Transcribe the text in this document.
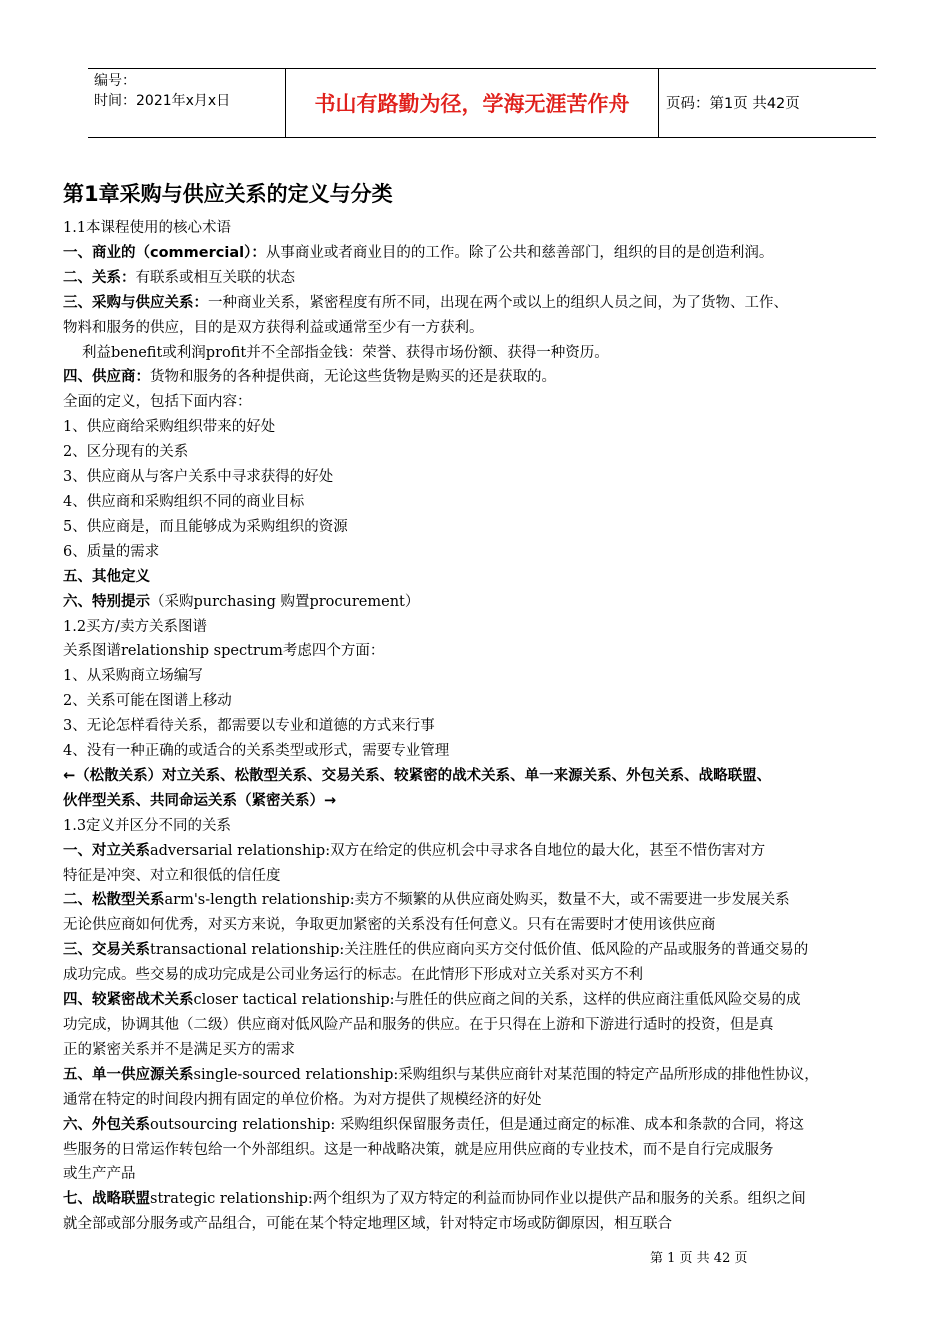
编号：
时间：2021年x月x日	书山有路勤为径，学海无涯苦作舟	页码：第1页 共42页
第1章采购与供应关系的定义与分类
1.1本课程使用的核心术语
一、商业的（commercial）：从事商业或者商业目的的工作。除了公共和慈善部门，组织的目的是创造利润。
二、关系：有联系或相互关联的状态
三、采购与供应关系：一种商业关系，紧密程度有所不同，出现在两个或以上的组织人员之间，为了货物、工作、
物料和服务的供应，目的是双方获得利益或通常至少有一方获利。
利益benefit或利润profit并不全部指金钱：荣誉、获得市场份额、获得一种资历。
四、供应商：货物和服务的各种提供商，无论这些货物是购买的还是获取的。
全面的定义，包括下面内容：
1、供应商给采购组织带来的好处
2、区分现有的关系
3、供应商从与客户关系中寻求获得的好处
4、供应商和采购组织不同的商业目标
5、供应商是，而且能够成为采购组织的资源
6、质量的需求
五、其他定义
六、特别提示（采购purchasing 购置procurement）
1.2买方/卖方关系图谱
关系图谱relationship spectrum考虑四个方面：
1、从采购商立场编写
2、关系可能在图谱上移动
3、无论怎样看待关系，都需要以专业和道德的方式来行事
4、没有一种正确的或适合的关系类型或形式，需要专业管理
←（松散关系）对立关系、松散型关系、交易关系、较紧密的战术关系、单一来源关系、外包关系、战略联盟、
伙伴型关系、共同命运关系（紧密关系）→
1.3定义并区分不同的关系
一、对立关系adversarial relationship:双方在给定的供应机会中寻求各自地位的最大化，甚至不惜伤害对方
特征是冲突、对立和很低的信任度
二、松散型关系arm's-length relationship:卖方不频繁的从供应商处购买，数量不大，或不需要进一步发展关系
无论供应商如何优秀，对买方来说，争取更加紧密的关系没有任何意义。只有在需要时才使用该供应商
三、交易关系transactional relationship:关注胜任的供应商向买方交付低价值、低风险的产品或服务的普通交易的
成功完成。些交易的成功完成是公司业务运行的标志。在此情形下形成对立关系对买方不利
四、较紧密战术关系closer tactical relationship:与胜任的供应商之间的关系，这样的供应商注重低风险交易的成
功完成，协调其他（二级）供应商对低风险产品和服务的供应。在于只得在上游和下游进行适时的投资，但是真
正的紧密关系并不是满足买方的需求
五、单一供应源关系single-sourced relationship:采购组织与某供应商针对某范围的特定产品所形成的排他性协议，
通常在特定的时间段内拥有固定的单位价格。为对方提供了规模经济的好处
六、外包关系outsourcing relationship: 采购组织保留服务责任，但是通过商定的标准、成本和条款的合同，将这
些服务的日常运作转包给一个外部组织。这是一种战略决策，就是应用供应商的专业技术，而不是自行完成服务
或生产产品
七、战略联盟strategic relationship:两个组织为了双方特定的利益而协同作业以提供产品和服务的关系。组织之间
就全部或部分服务或产品组合，可能在某个特定地理区域，针对特定市场或防御原因，相互联合
第 1 页 共 42 页
